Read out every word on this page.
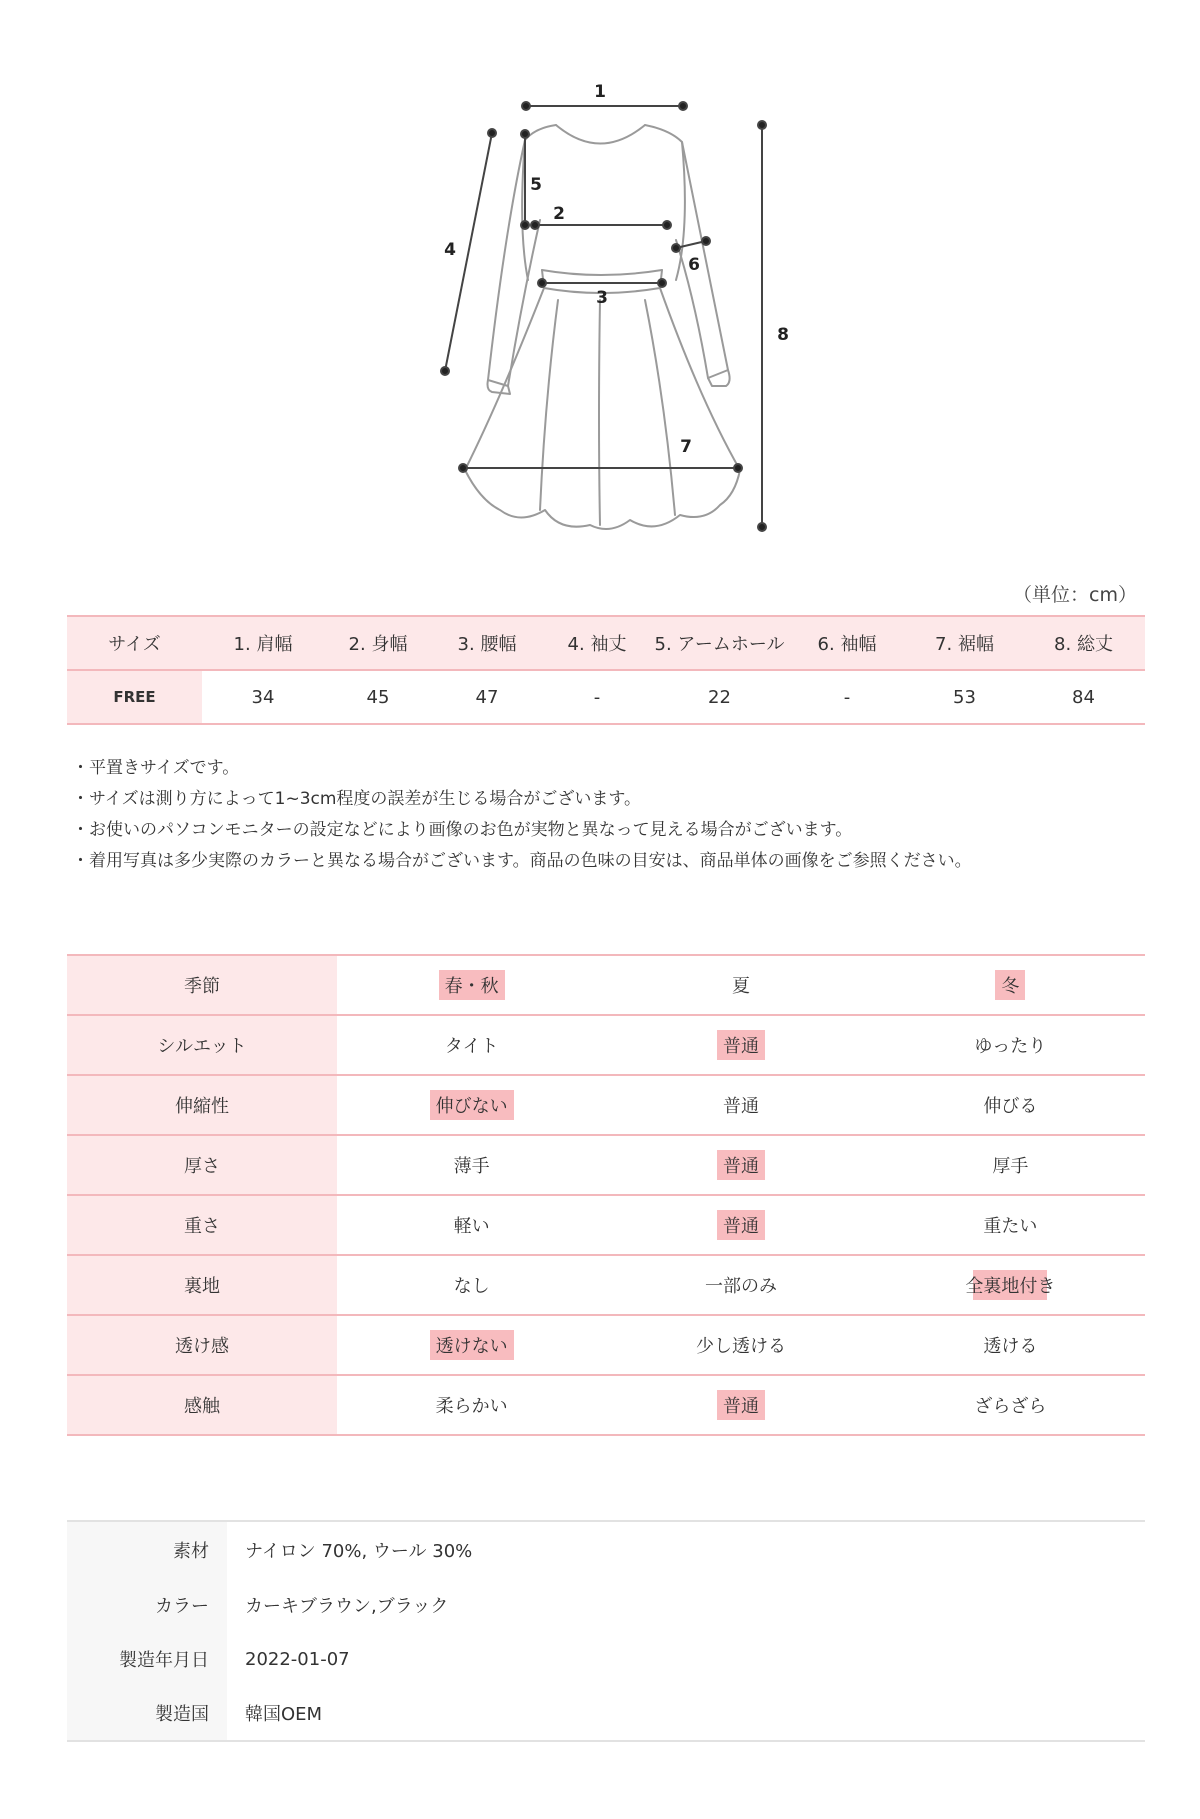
1
2
3
4
5
6
7
8
（単位：cm）
サイズ	1. 肩幅	2. 身幅	3. 腰幅	4. 袖丈	5. アームホール	6. 袖幅	7. 裾幅	8. 総丈
FREE	34	45	47	-	22	-	53	84
・ 平置きサイズです。
・ サイズは測り方によって1~3cm程度の誤差が生じる場合がございます。
・ お使いのパソコンモニターの設定などにより画像のお色が実物と異なって見える場合がございます。
・ 着用写真は多少実際のカラーと異なる場合がございます。商品の色味の目安は、商品単体の画像をご参照ください。
季節	春・秋	夏	冬
シルエット	タイト	普通	ゆったり
伸縮性	伸びない	普通	伸びる
厚さ	薄手	普通	厚手
重さ	軽い	普通	重たい
裏地	なし	一部のみ	全裏地付き
透け感	透けない	少し透ける	透ける
感触	柔らかい	普通	ざらざら
素材	ナイロン 70%, ウール 30%
カラー	カーキブラウン,ブラック
製造年月日	2022-01-07
製造国	韓国OEM
